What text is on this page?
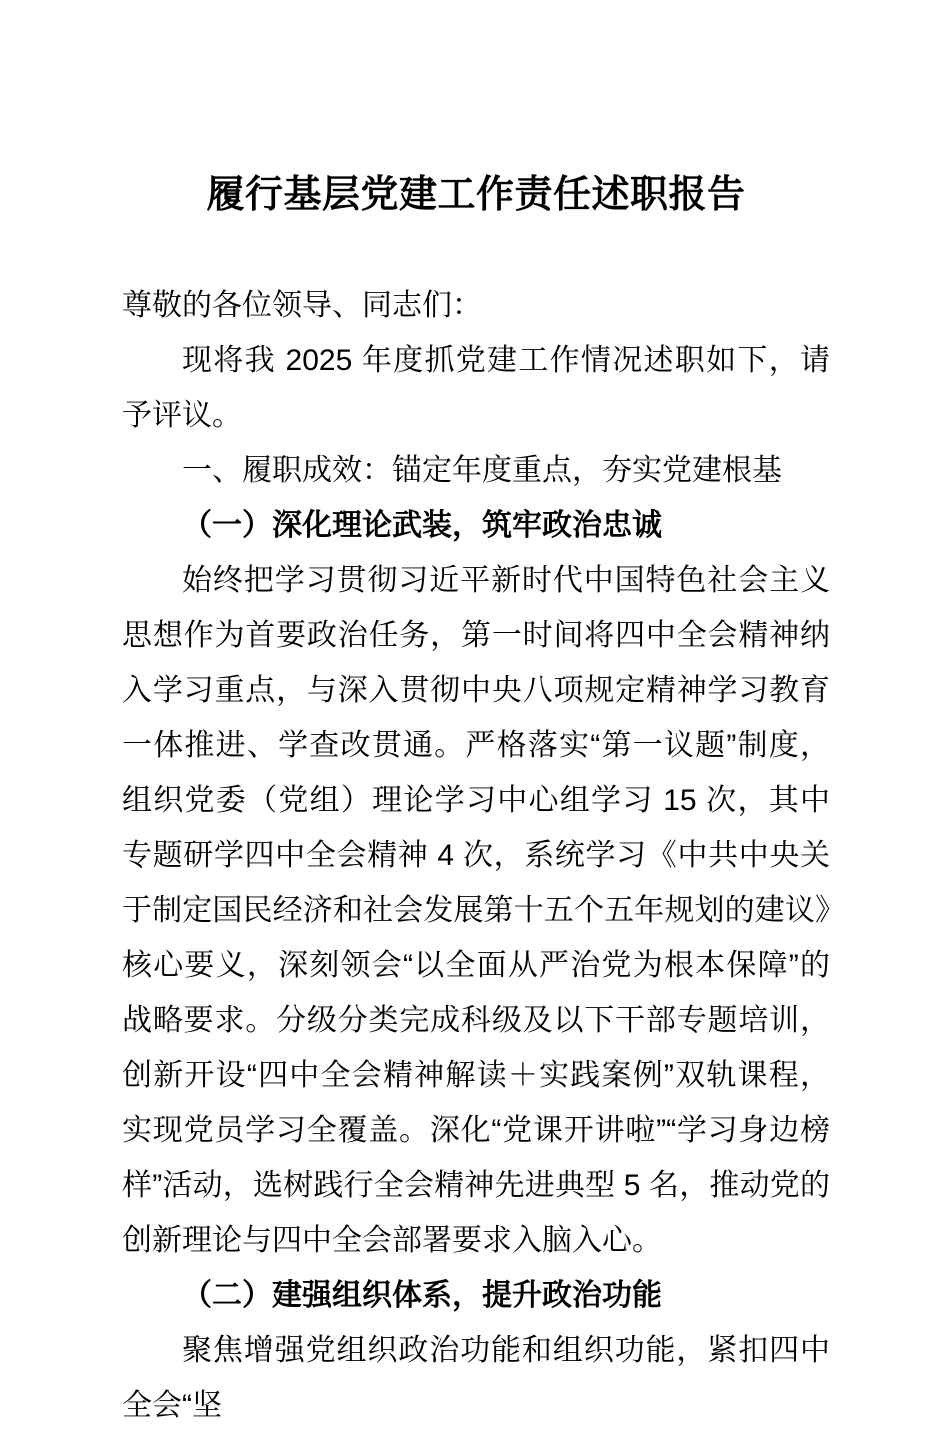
履行基层党建工作责任述职报告

尊敬的各位领导、同志们：

现将我 2025 年度抓党建工作情况述职如下，请予评议。

一、履职成效：锚定年度重点，夯实党建根基

（一）深化理论武装，筑牢政治忠诚

始终把学习贯彻习近平新时代中国特色社会主义思想作为首要政治任务，第一时间将四中全会精神纳入学习重点，与深入贯彻中央八项规定精神学习教育一体推进、学查改贯通。严格落实“第一议题”制度，组织党委（党组）理论学习中心组学习 15 次，其中专题研学四中全会精神 4 次，系统学习《中共中央关于制定国民经济和社会发展第十五个五年规划的建议》核心要义，深刻领会“以全面从严治党为根本保障”的战略要求。分级分类完成科级及以下干部专题培训，创新开设“四中全会精神解读＋实践案例”双轨课程，实现党员学习全覆盖。深化“党课开讲啦”“学习身边榜样”活动，选树践行全会精神先进典型 5 名，推动党的创新理论与四中全会部署要求入脑入心。

（二）建强组织体系，提升政治功能

聚焦增强党组织政治功能和组织功能，紧扣四中全会“坚
